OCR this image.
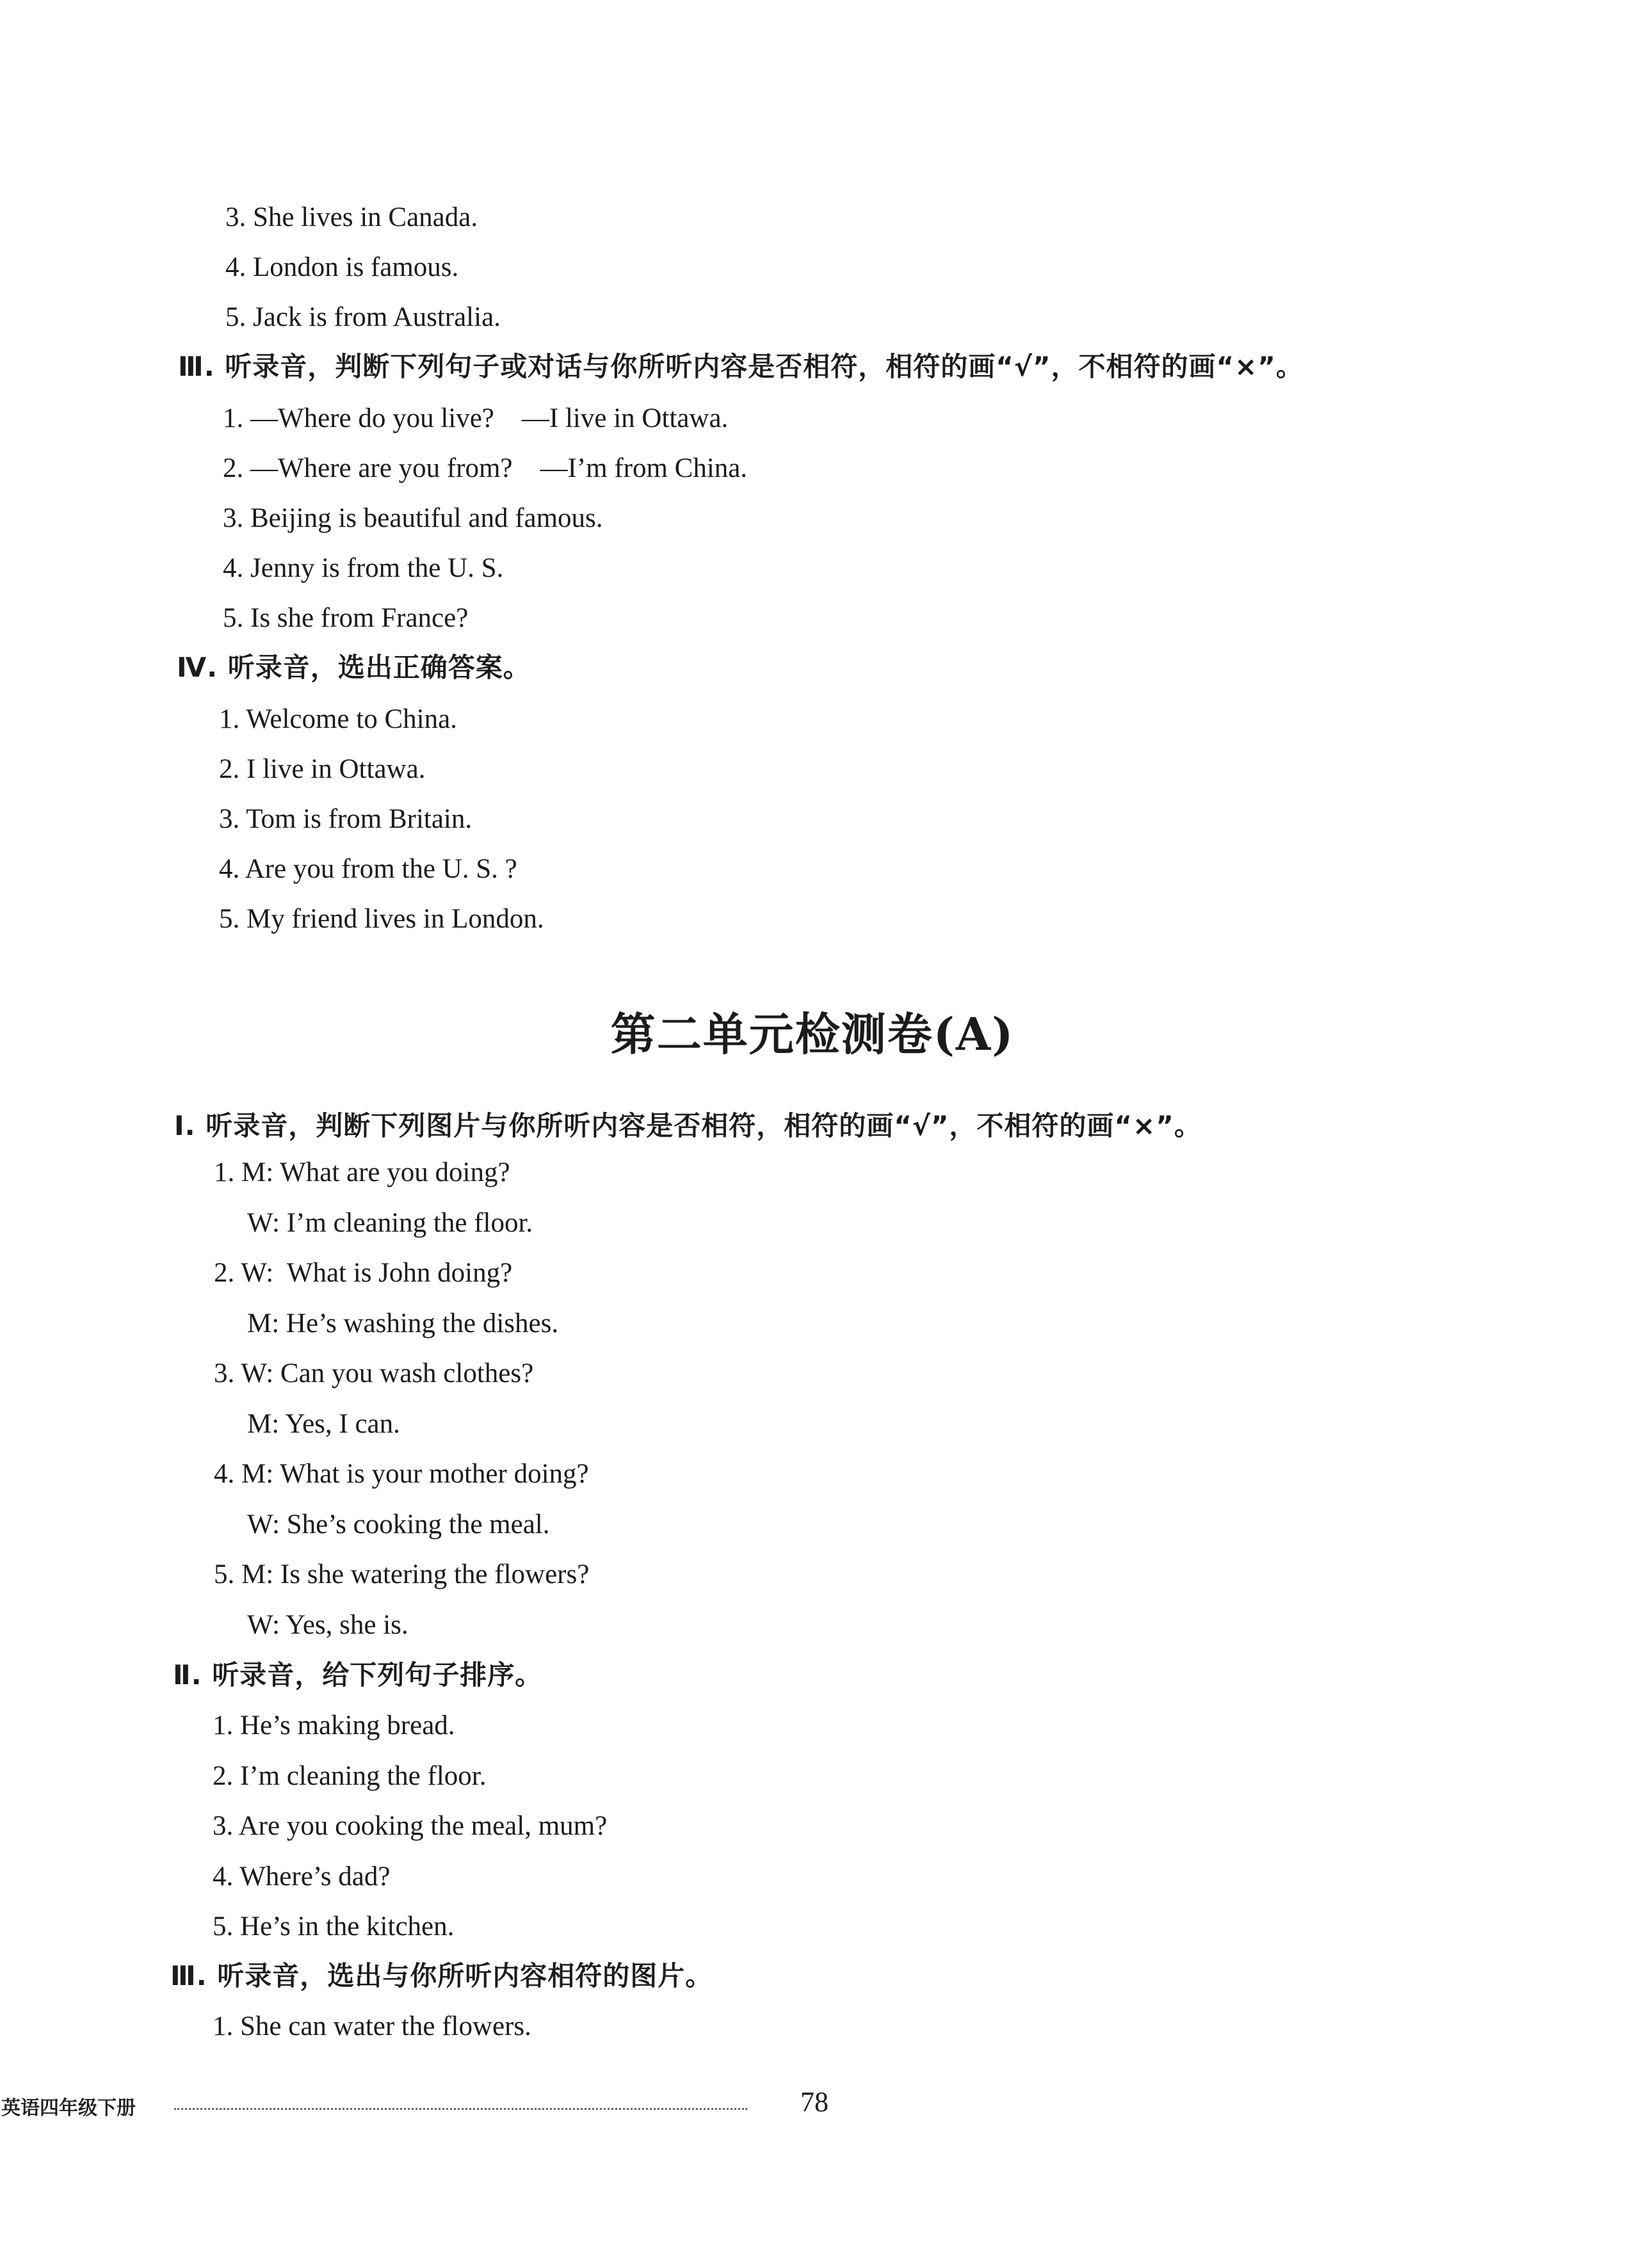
3. She lives in Canada.
4. London is famous.
5. Jack is from Australia.
Ⅲ. 听录音，判断下列句子或对话与你所听内容是否相符，相符的画“√”，不相符的画“×”。
1. —Where do you live?    —I live in Ottawa.
2. —Where are you from?    —I’m from China.
3. Beijing is beautiful and famous.
4. Jenny is from the U. S.
5. Is she from France?
Ⅳ. 听录音，选出正确答案。
1. Welcome to China.
2. I live in Ottawa.
3. Tom is from Britain.
4. Are you from the U. S. ?
5. My friend lives in London.
第二单元检测卷(A)
Ⅰ. 听录音，判断下列图片与你所听内容是否相符，相符的画“√”，不相符的画“×”。
1. M: What are you doing?
W: I’m cleaning the floor.
2. W:  What is John doing?
M: He’s washing the dishes.
3. W: Can you wash clothes?
M: Yes, I can.
4. M: What is your mother doing?
W: She’s cooking the meal.
5. M: Is she watering the flowers?
W: Yes, she is.
Ⅱ. 听录音，给下列句子排序。
1. He’s making bread.
2. I’m cleaning the floor.
3. Are you cooking the meal, mum?
4. Where’s dad?
5. He’s in the kitchen.
Ⅲ. 听录音，选出与你所听内容相符的图片。
1. She can water the flowers.
英语四年级下册	78
